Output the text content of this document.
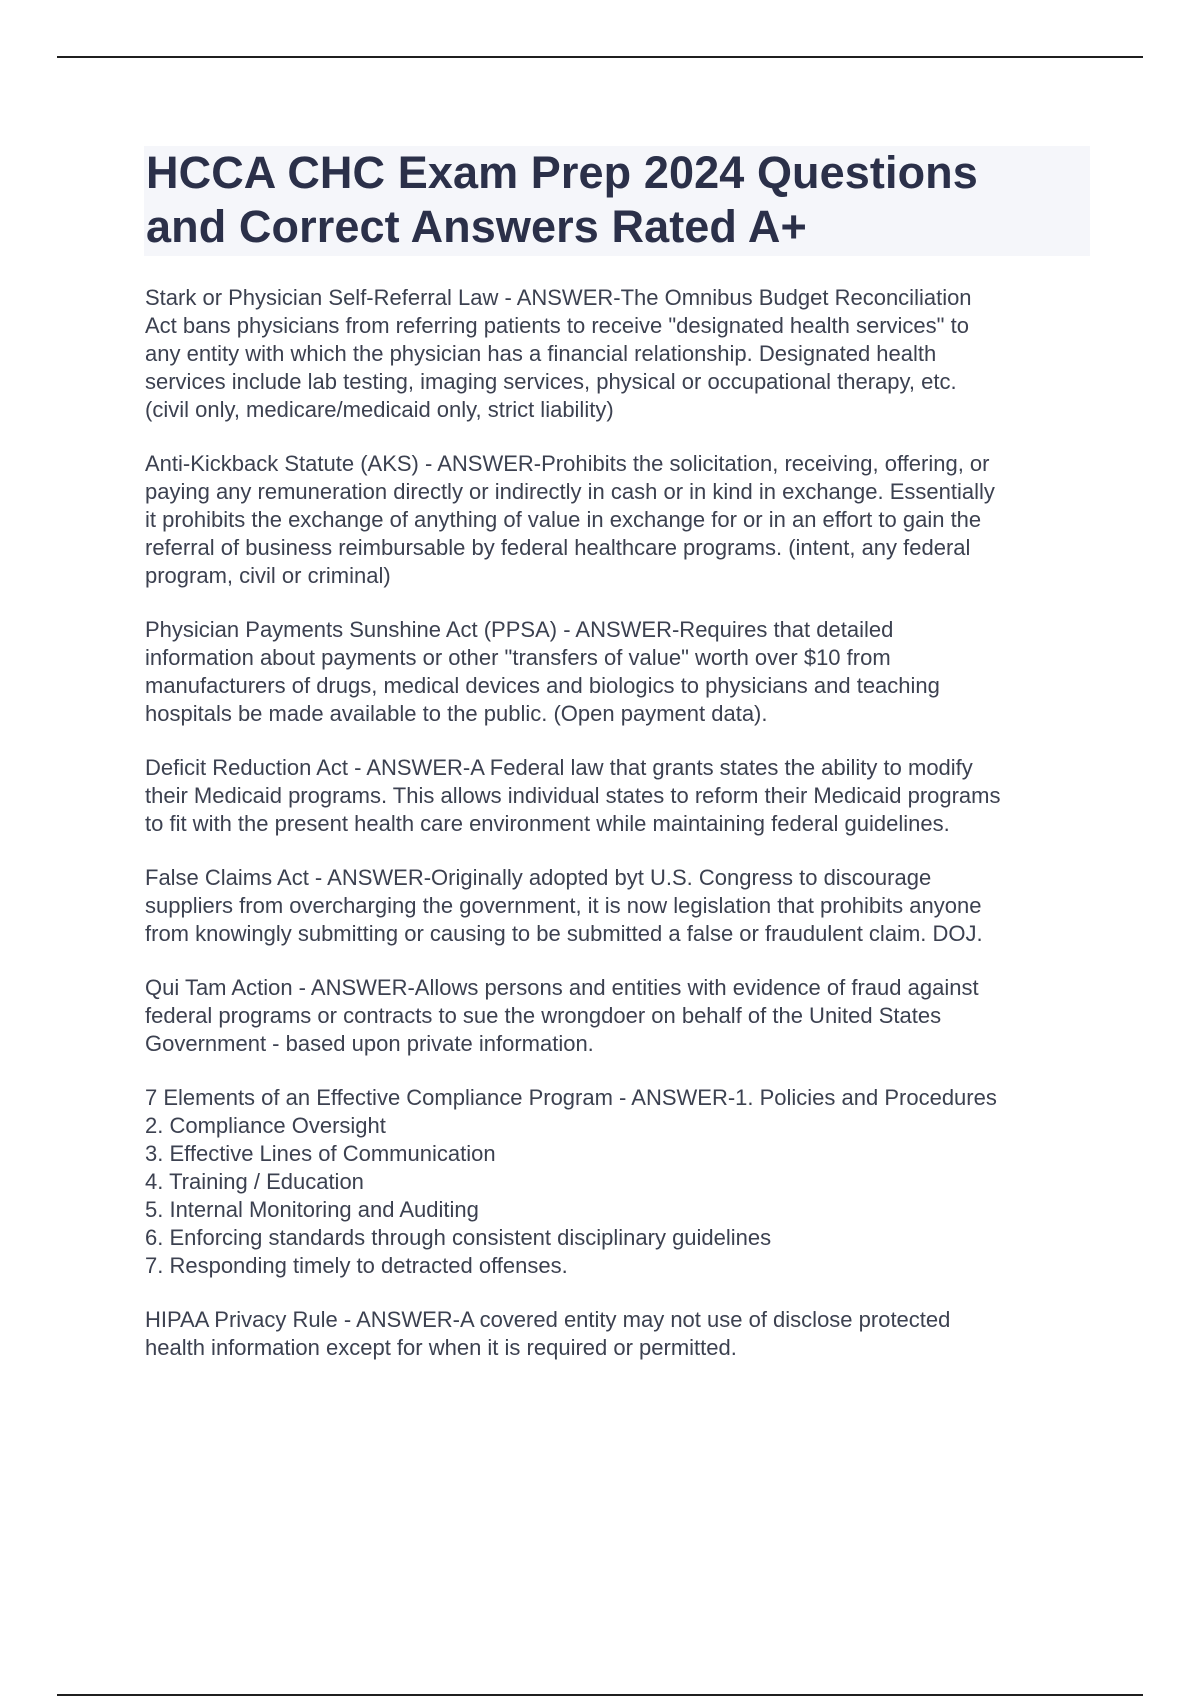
HCCA CHC Exam Prep 2024 Questions
and Correct Answers Rated A+

Stark or Physician Self-Referral Law - ANSWER-The Omnibus Budget Reconciliation
Act bans physicians from referring patients to receive "designated health services" to
any entity with which the physician has a financial relationship. Designated health
services include lab testing, imaging services, physical or occupational therapy, etc.
(civil only, medicare/medicaid only, strict liability)

Anti-Kickback Statute (AKS) - ANSWER-Prohibits the solicitation, receiving, offering, or
paying any remuneration directly or indirectly in cash or in kind in exchange. Essentially
it prohibits the exchange of anything of value in exchange for or in an effort to gain the
referral of business reimbursable by federal healthcare programs. (intent, any federal
program, civil or criminal)

Physician Payments Sunshine Act (PPSA) - ANSWER-Requires that detailed
information about payments or other "transfers of value" worth over $10 from
manufacturers of drugs, medical devices and biologics to physicians and teaching
hospitals be made available to the public. (Open payment data).

Deficit Reduction Act - ANSWER-A Federal law that grants states the ability to modify
their Medicaid programs. This allows individual states to reform their Medicaid programs
to fit with the present health care environment while maintaining federal guidelines.

False Claims Act - ANSWER-Originally adopted byt U.S. Congress to discourage
suppliers from overcharging the government, it is now legislation that prohibits anyone
from knowingly submitting or causing to be submitted a false or fraudulent claim. DOJ.

Qui Tam Action - ANSWER-Allows persons and entities with evidence of fraud against
federal programs or contracts to sue the wrongdoer on behalf of the United States
Government - based upon private information.

7 Elements of an Effective Compliance Program - ANSWER-1. Policies and Procedures
2. Compliance Oversight
3. Effective Lines of Communication
4. Training / Education
5. Internal Monitoring and Auditing
6. Enforcing standards through consistent disciplinary guidelines
7. Responding timely to detracted offenses.

HIPAA Privacy Rule - ANSWER-A covered entity may not use of disclose protected
health information except for when it is required or permitted.
